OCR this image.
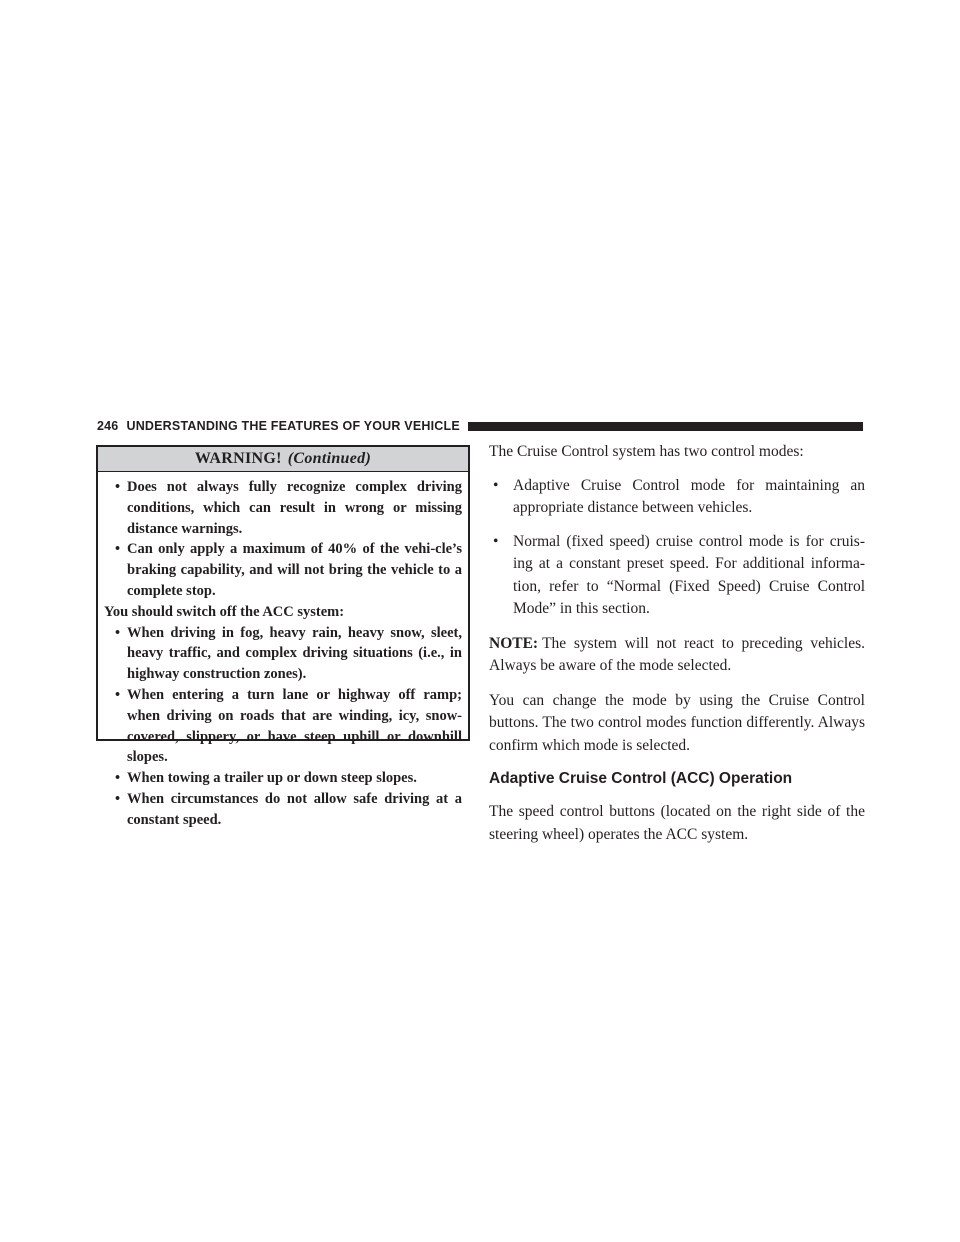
246 UNDERSTANDING THE FEATURES OF YOUR VEHICLE
WARNING! (Continued)
• Does not always fully recognize complex driving conditions, which can result in wrong or missing distance warnings.
• Can only apply a maximum of 40% of the vehi-cle’s braking capability, and will not bring the vehicle to a complete stop.
You should switch off the ACC system:
• When driving in fog, heavy rain, heavy snow, sleet, heavy traffic, and complex driving situations (i.e., in highway construction zones).
• When entering a turn lane or highway off ramp; when driving on roads that are winding, icy, snow-covered, slippery, or have steep uphill or downhill slopes.
• When towing a trailer up or down steep slopes.
• When circumstances do not allow safe driving at a constant speed.

The Cruise Control system has two control modes:

• Adaptive Cruise Control mode for maintaining an appropriate distance between vehicles.
• Normal (fixed speed) cruise control mode is for cruis-ing at a constant preset speed. For additional informa-tion, refer to “Normal (Fixed Speed) Cruise Control Mode” in this section.

NOTE: The system will not react to preceding vehicles. Always be aware of the mode selected.

You can change the mode by using the Cruise Control buttons. The two control modes function differently. Always confirm which mode is selected.

Adaptive Cruise Control (ACC) Operation

The speed control buttons (located on the right side of the steering wheel) operates the ACC system.
